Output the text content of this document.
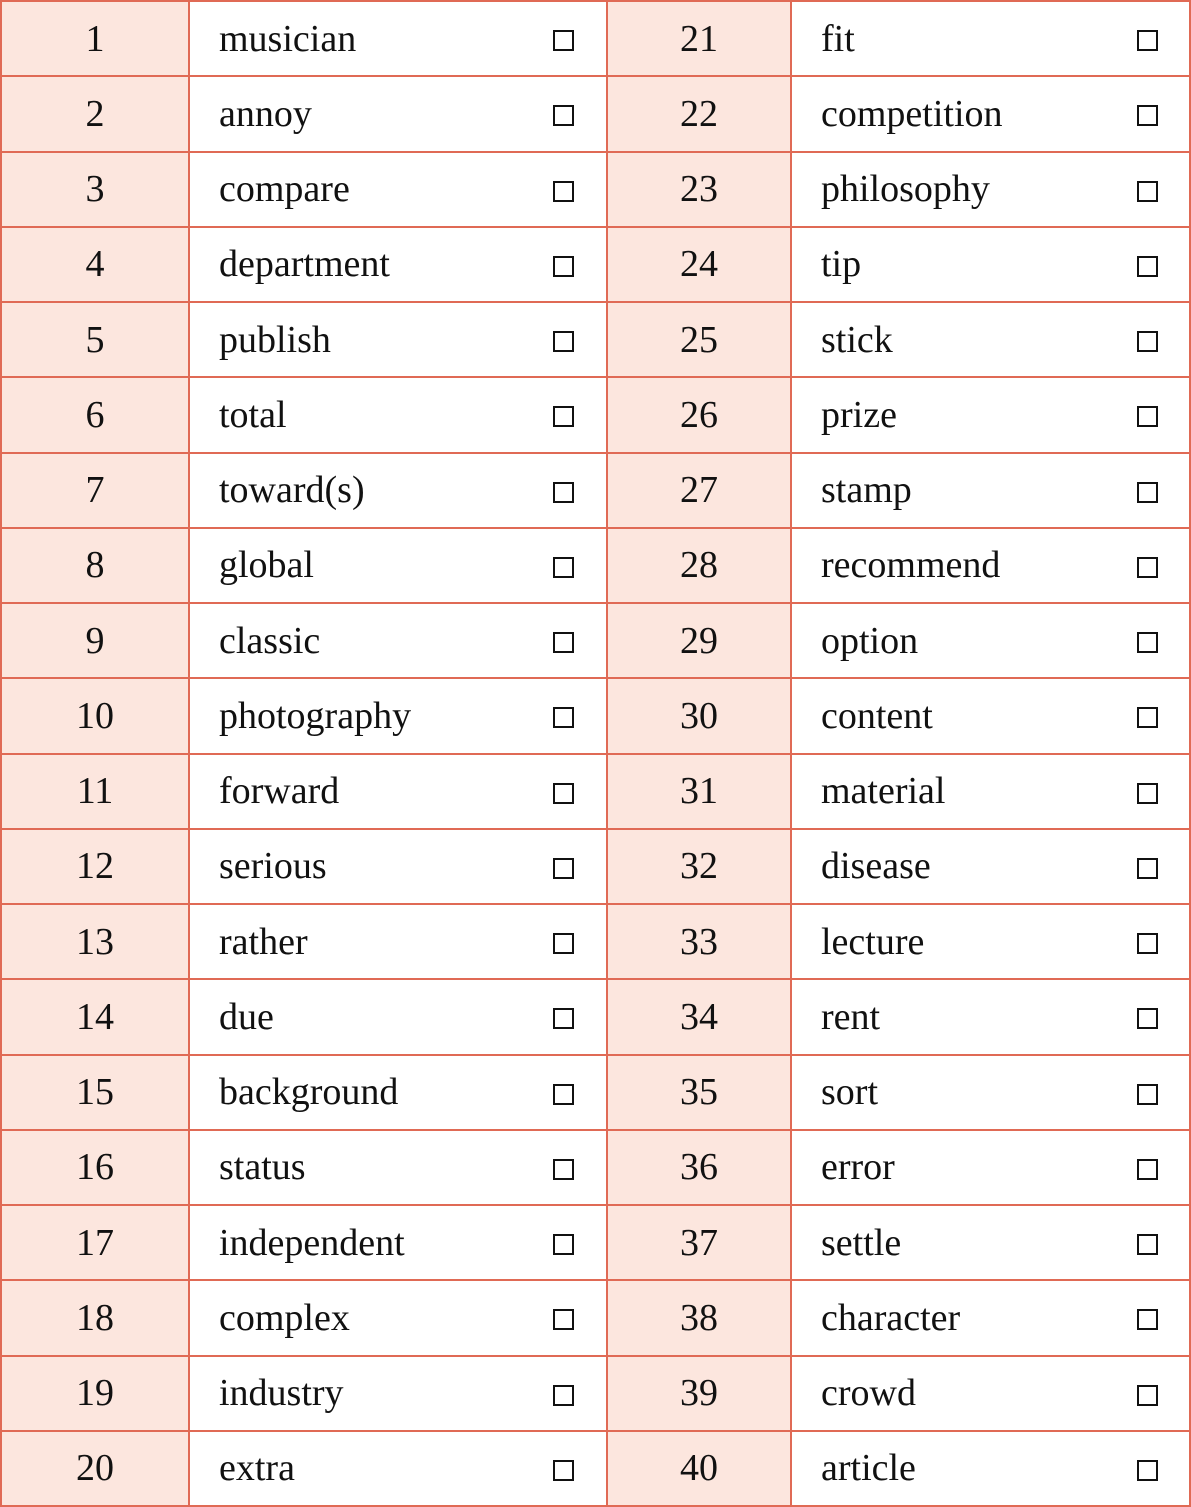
1	musician	21	fit
2	annoy	22	competition
3	compare	23	philosophy
4	department	24	tip
5	publish	25	stick
6	total	26	prize
7	toward(s)	27	stamp
8	global	28	recommend
9	classic	29	option
10	photography	30	content
11	forward	31	material
12	serious	32	disease
13	rather	33	lecture
14	due	34	rent
15	background	35	sort
16	status	36	error
17	independent	37	settle
18	complex	38	character
19	industry	39	crowd
20	extra	40	article
